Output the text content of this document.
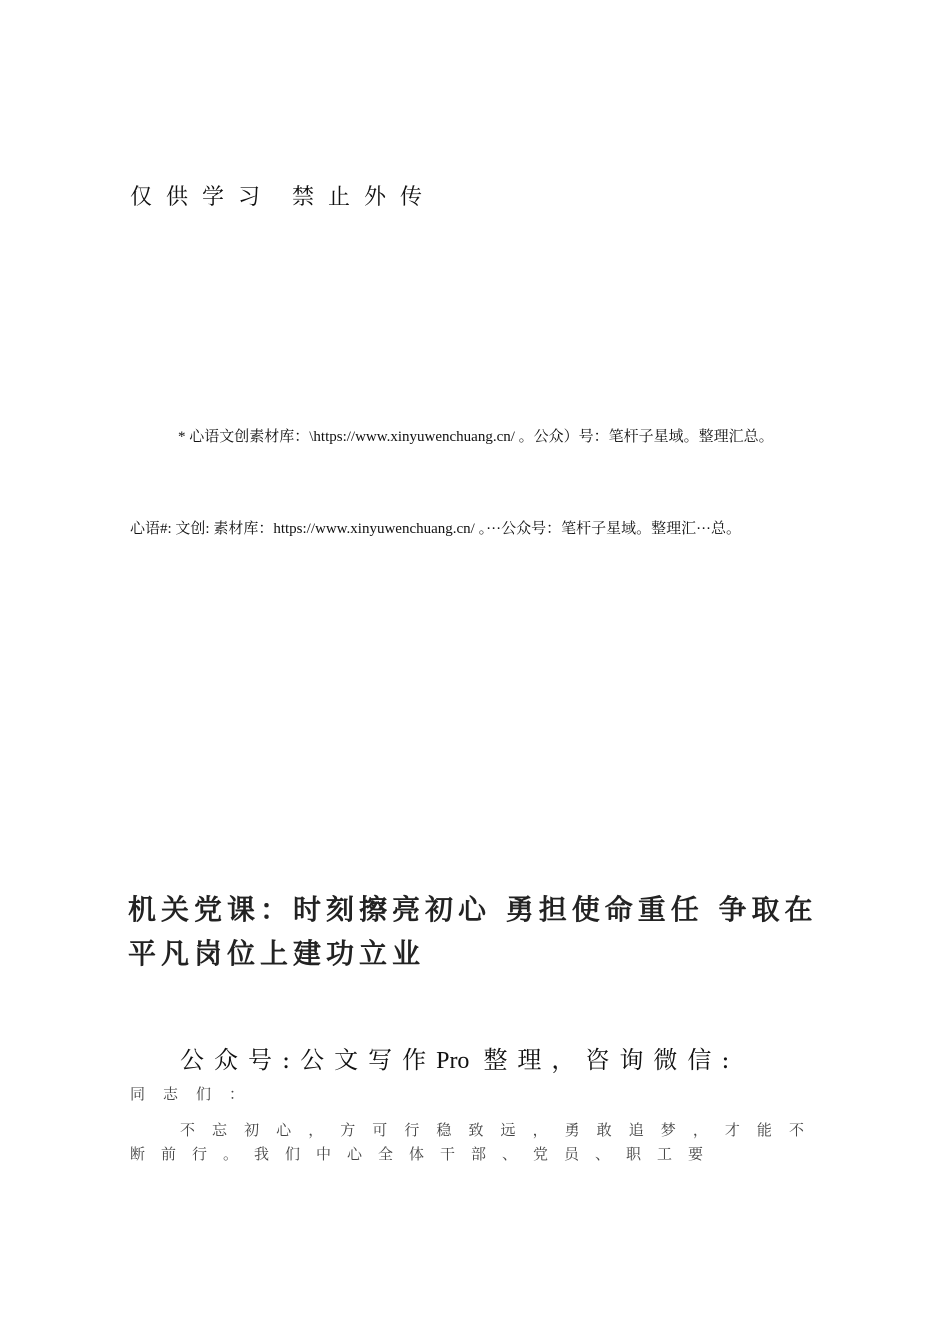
仅供学习 禁止外传
* 心语文创素材库：\https://www.xinyuwenchuang.cn/ 。公众）号：笔杆子星域。整理汇总。
心语#: 文创: 素材库：https://www.xinyuwenchuang.cn/ 。···公众号：笔杆子星域。整理汇···总。
机关党课：时刻擦亮初心 勇担使命重任 争取在平凡岗位上建功立业
公众号:公文写作Pro 整理，咨询微信:
同志们：
不忘初心，方可行稳致远，勇敢追梦，才能不断前行。我们中心全体干部、党员、职工要
